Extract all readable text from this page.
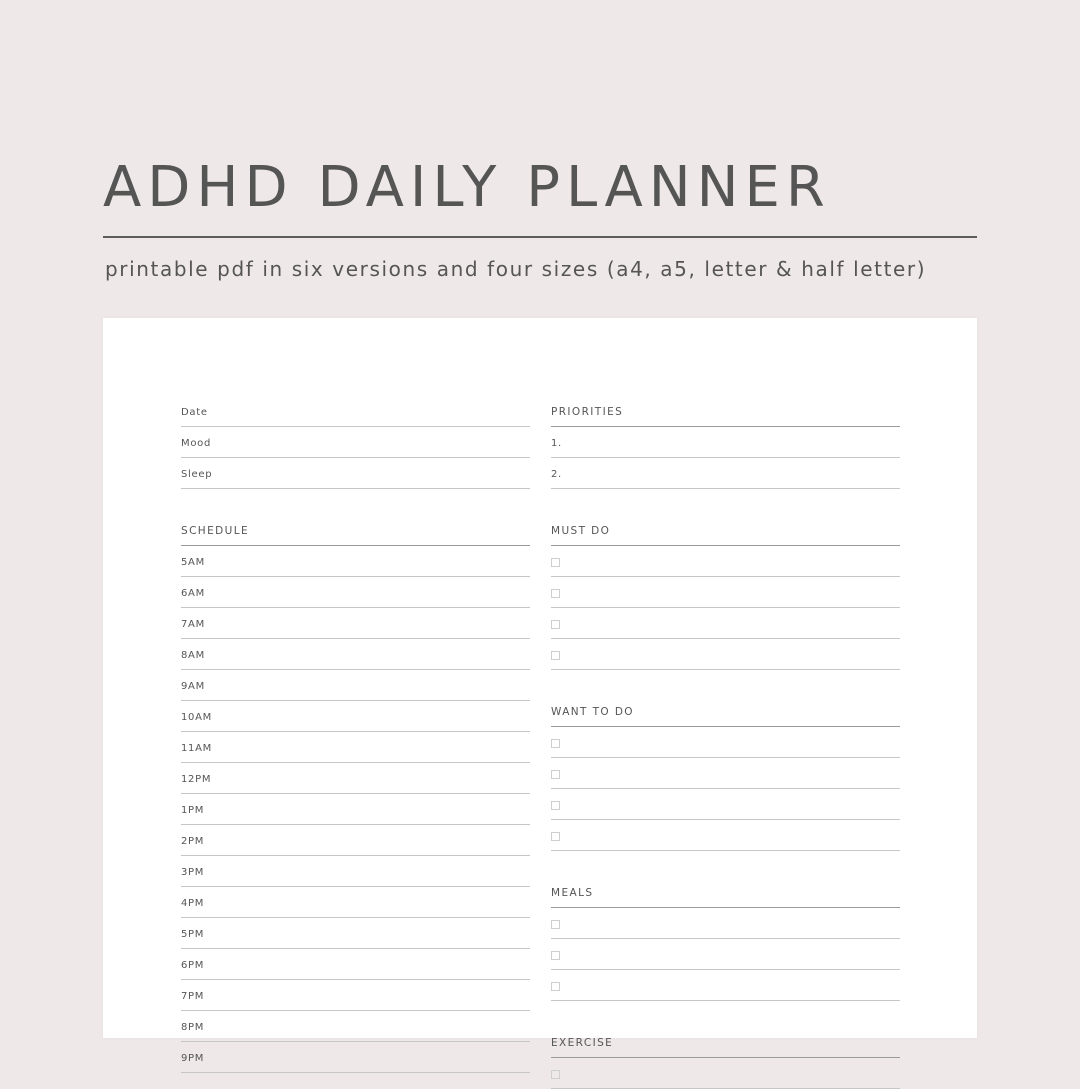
ADHD DAILY PLANNER

printable pdf in six versions and four sizes (a4, a5, letter & half letter)

Date
Mood
Sleep
SCHEDULE
5AM
6AM
7AM
8AM
9AM
10AM
11AM
12PM
1PM
2PM
3PM
4PM
5PM
6PM
7PM
8PM
9PM
PRIORITIES
1.
2.
MUST DO
WANT TO DO
MEALS
EXERCISE
